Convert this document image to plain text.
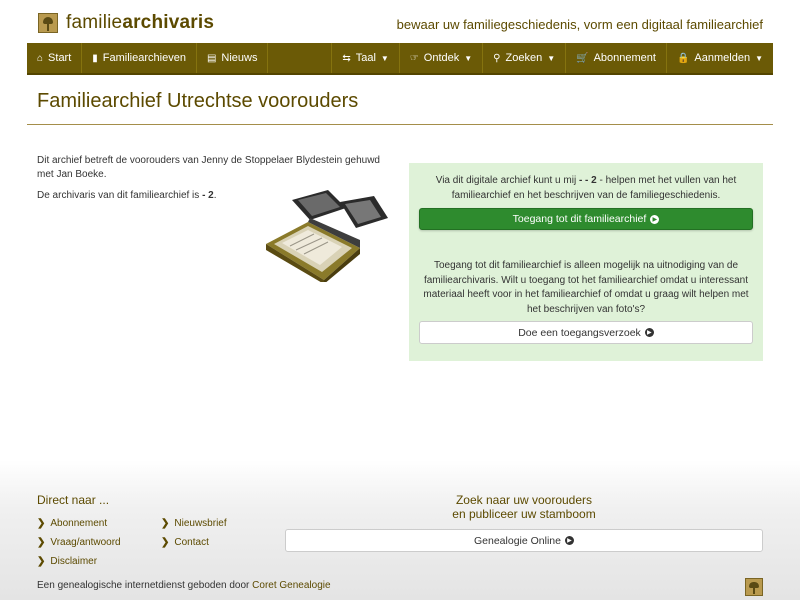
familiearchivaris	bewaar uw familiegeschiedenis, vorm een digitaal familiearchief
⌂ Start ▮ Familiearchieven ▤ Nieuws	⇆ Taal ▼ ☞ Ontdek ▼ ⚲ Zoeken ▼ 🛒 Abonnement 🔒 Aanmelden ▼
Familiearchief Utrechtse voorouders

Dit archief betreft de voorouders van Jenny de Stoppelaer Blydestein gehuwd met Jan Boeke.

De archivaris van dit familiearchief is - 2.

Via dit digitale archief kunt u mij - - 2 - helpen met het vullen van het familiearchief en het beschrijven van de familiegeschiedenis.
Toegang tot dit familiearchief	▶
Toegang tot dit familiearchief is alleen mogelijk na uitnodiging van de familiearchivaris. Wilt u toegang tot het familiearchief omdat u interessant materiaal heeft voor in het familiearchief of omdat u graag wilt helpen met het beschrijven van foto's?
Doe een toegangsverzoek	▶
Direct naar ...
❯ Abonnement	❯ Nieuwsbrief
❯ Vraag/antwoord	❯ Contact
❯ Disclaimer
Zoek naar uw voorouders
en publiceer uw stamboom
Genealogie Online	▶
Een genealogische internetdienst geboden door Coret Genealogie
